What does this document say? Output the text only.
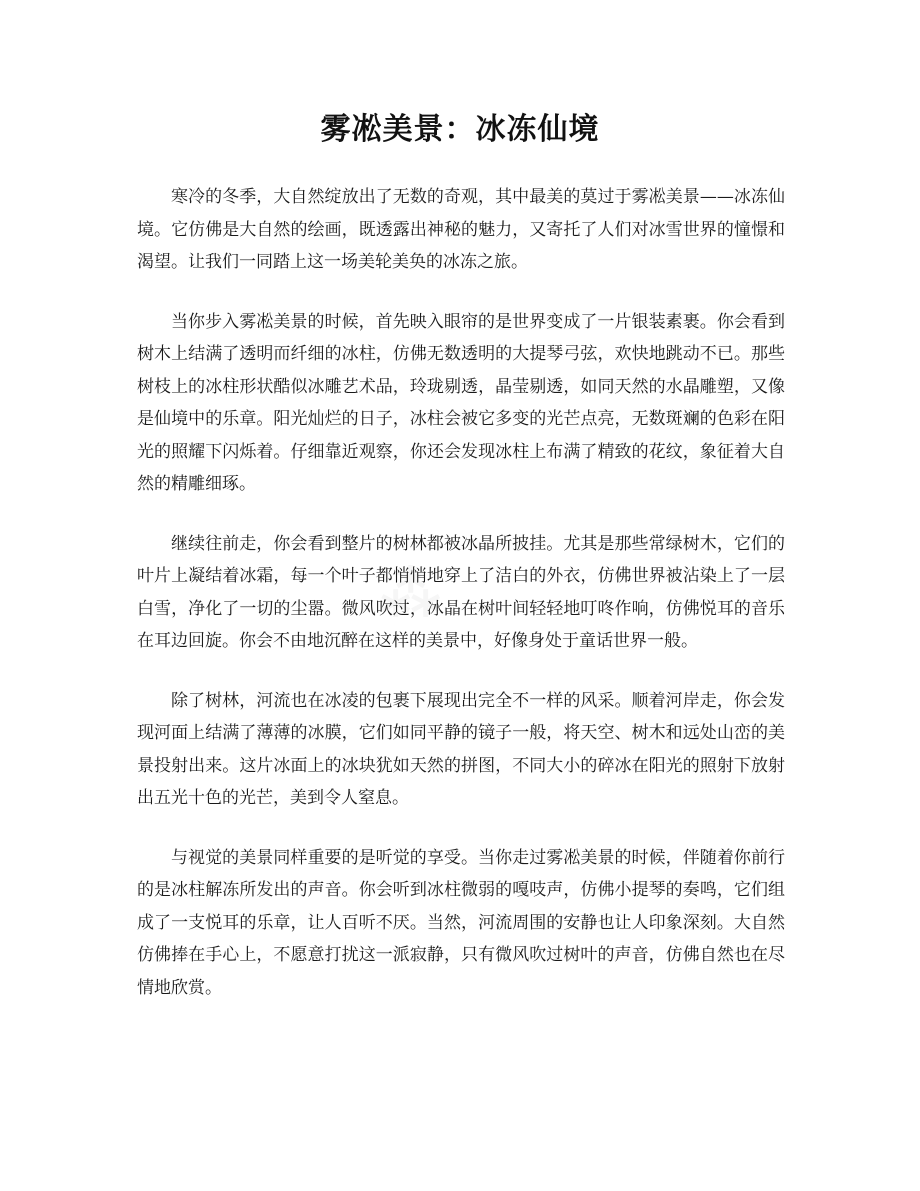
雾凇美景：冰冻仙境

寒冷的冬季，大自然绽放出了无数的奇观，其中最美的莫过于雾凇美景——冰冻仙境。它仿佛是大自然的绘画，既透露出神秘的魅力，又寄托了人们对冰雪世界的憧憬和渴望。让我们一同踏上这一场美轮美奂的冰冻之旅。

当你步入雾凇美景的时候，首先映入眼帘的是世界变成了一片银装素裹。你会看到树木上结满了透明而纤细的冰柱，仿佛无数透明的大提琴弓弦，欢快地跳动不已。那些树枝上的冰柱形状酷似冰雕艺术品，玲珑剔透，晶莹剔透，如同天然的水晶雕塑，又像是仙境中的乐章。阳光灿烂的日子，冰柱会被它多变的光芒点亮，无数斑斓的色彩在阳光的照耀下闪烁着。仔细靠近观察，你还会发现冰柱上布满了精致的花纹，象征着大自然的精雕细琢。

继续往前走，你会看到整片的树林都被冰晶所披挂。尤其是那些常绿树木，它们的叶片上凝结着冰霜，每一个叶子都悄悄地穿上了洁白的外衣，仿佛世界被沾染上了一层白雪，净化了一切的尘嚣。微风吹过，冰晶在树叶间轻轻地叮咚作响，仿佛悦耳的音乐在耳边回旋。你会不由地沉醉在这样的美景中，好像身处于童话世界一般。

除了树林，河流也在冰凌的包裹下展现出完全不一样的风采。顺着河岸走，你会发现河面上结满了薄薄的冰膜，它们如同平静的镜子一般，将天空、树木和远处山峦的美景投射出来。这片冰面上的冰块犹如天然的拼图，不同大小的碎冰在阳光的照射下放射出五光十色的光芒，美到令人窒息。

与视觉的美景同样重要的是听觉的享受。当你走过雾凇美景的时候，伴随着你前行的是冰柱解冻所发出的声音。你会听到冰柱微弱的嘎吱声，仿佛小提琴的奏鸣，它们组成了一支悦耳的乐章，让人百听不厌。当然，河流周围的安静也让人印象深刻。大自然仿佛捧在手心上，不愿意打扰这一派寂静，只有微风吹过树叶的声音，仿佛自然也在尽情地欣赏。
